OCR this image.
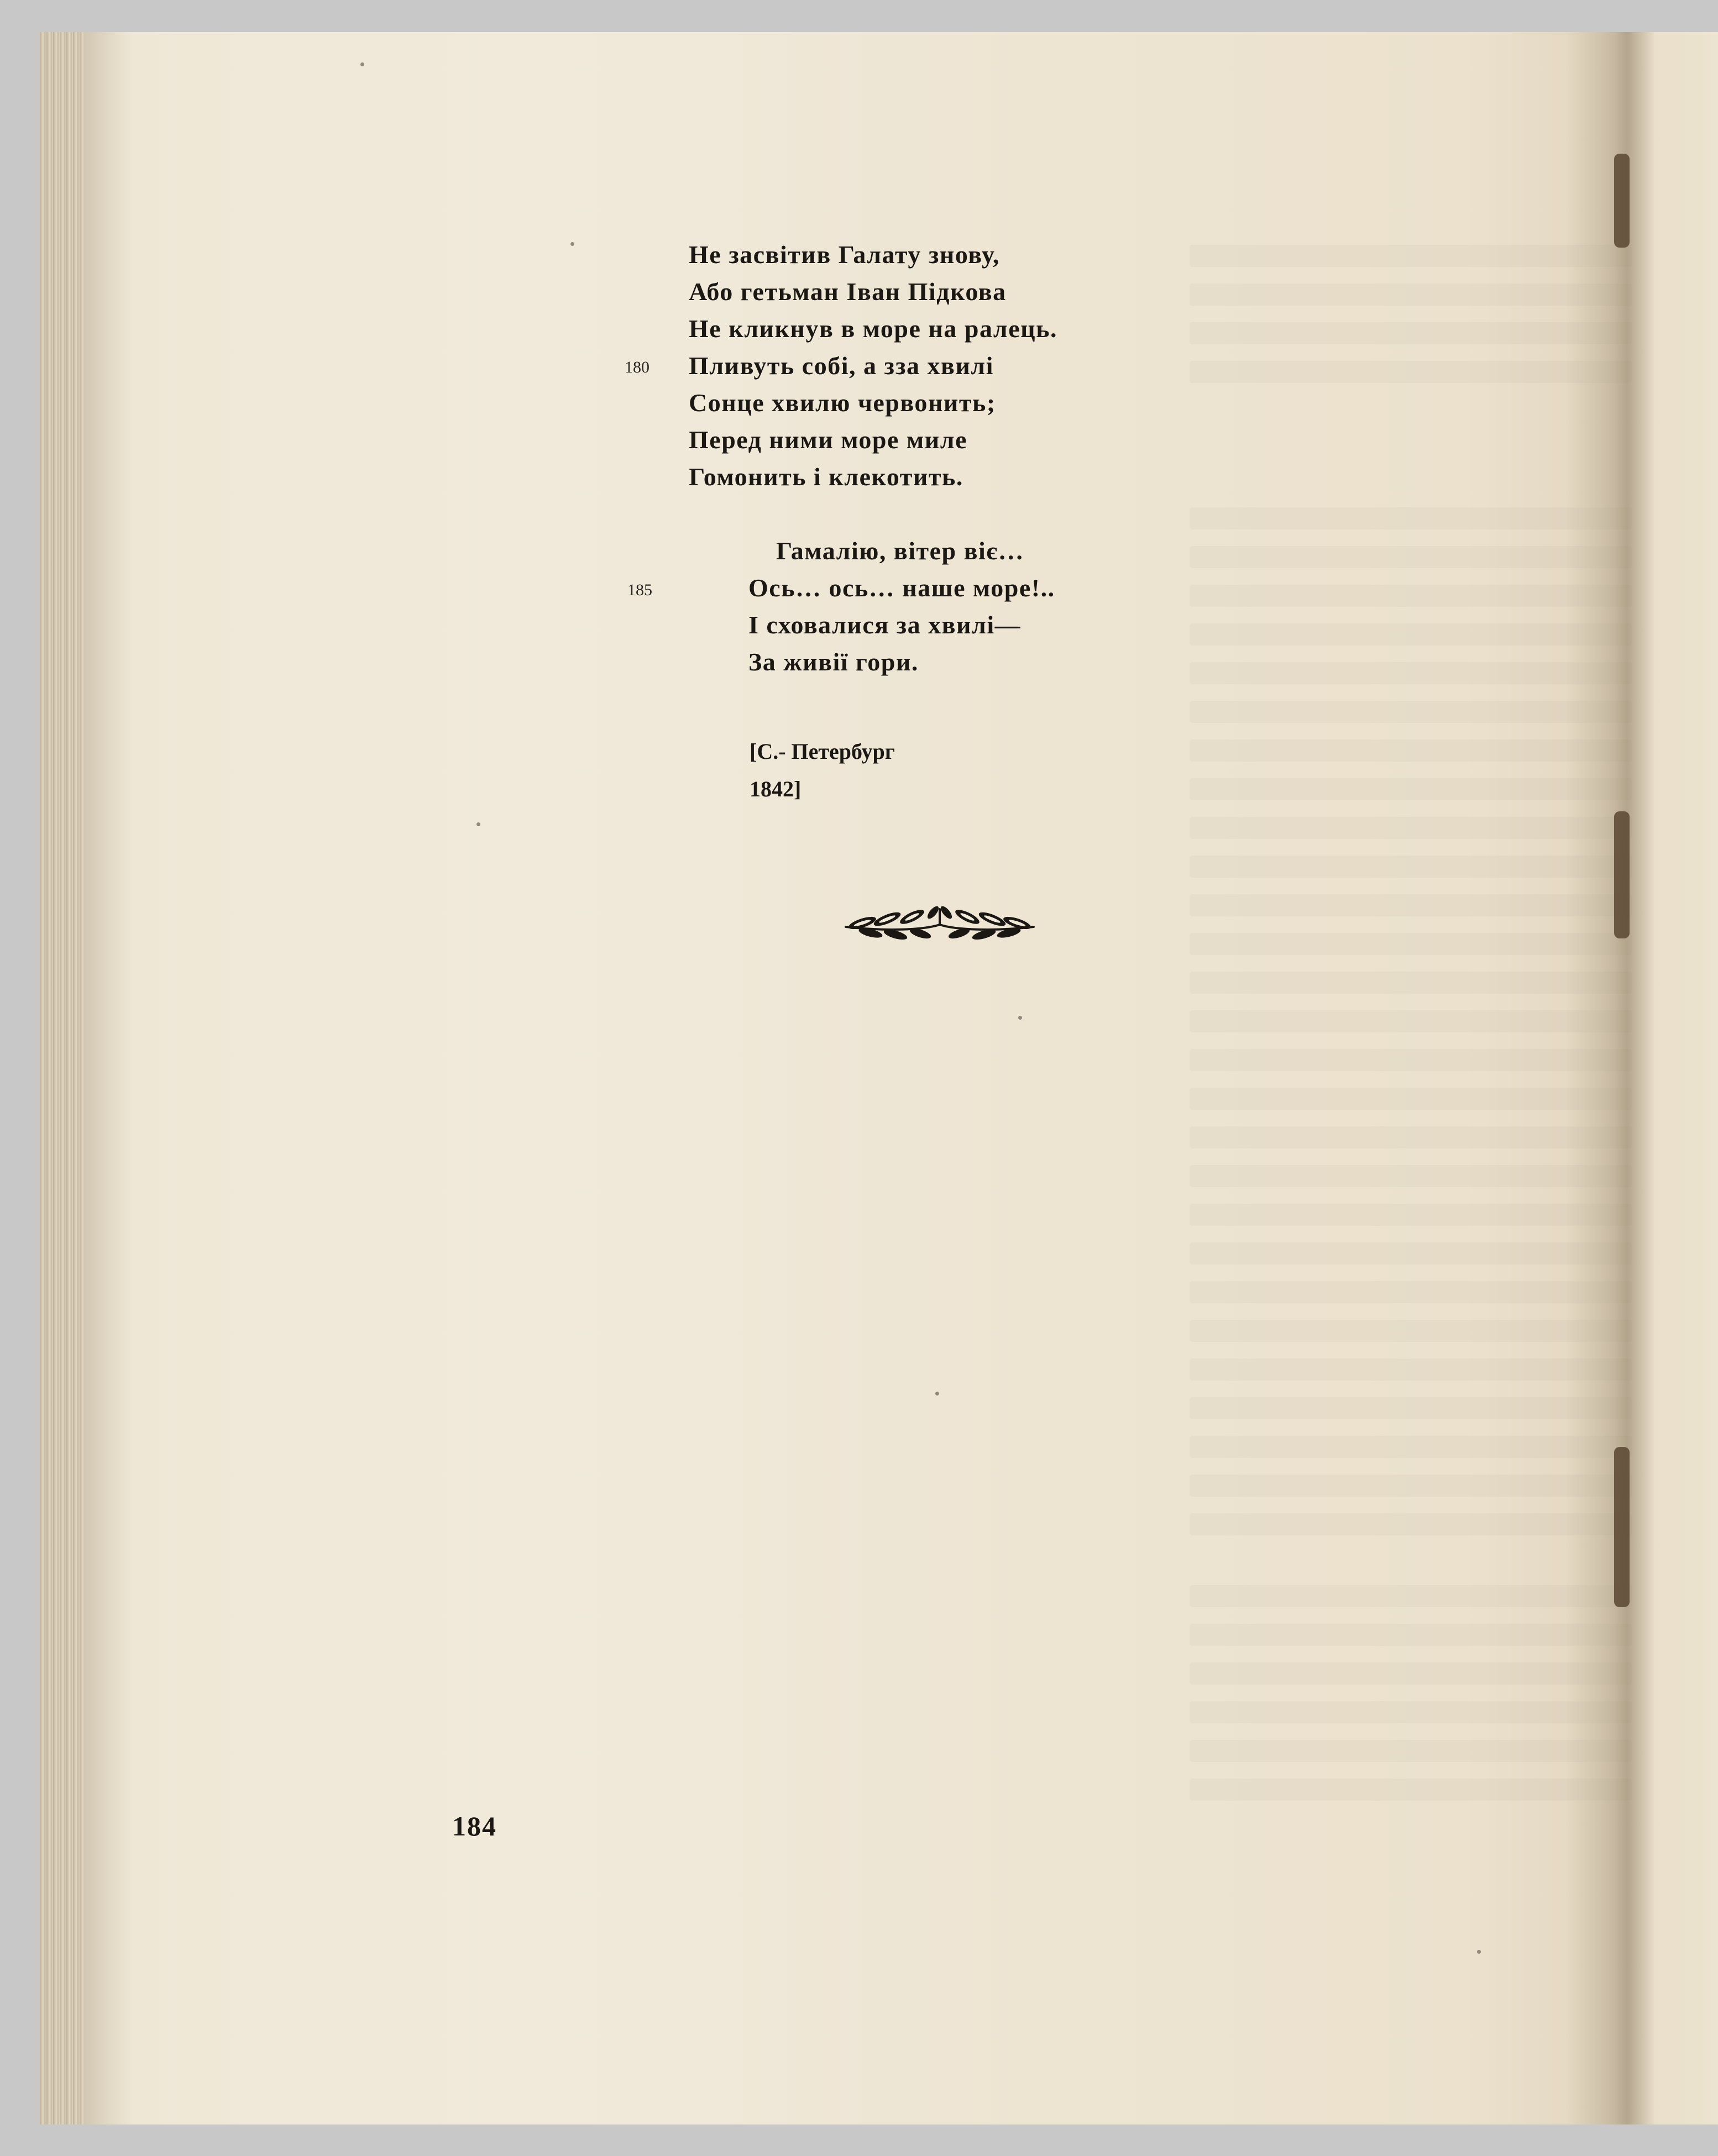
Не засвітив Галату знову,
Або гетьман Іван Підкова
Не кликнув в море на ралець.
Пливуть собі, а зза хвилі
Сонце хвилю червонить;
Перед ними море миле
Гомонить і клекотить.
180
Гамалію, вітер віє…
Ось… ось… наше море!..
І сховалися за хвилі—
За живії гори.
185
[С.- Петербург
1842]
184
